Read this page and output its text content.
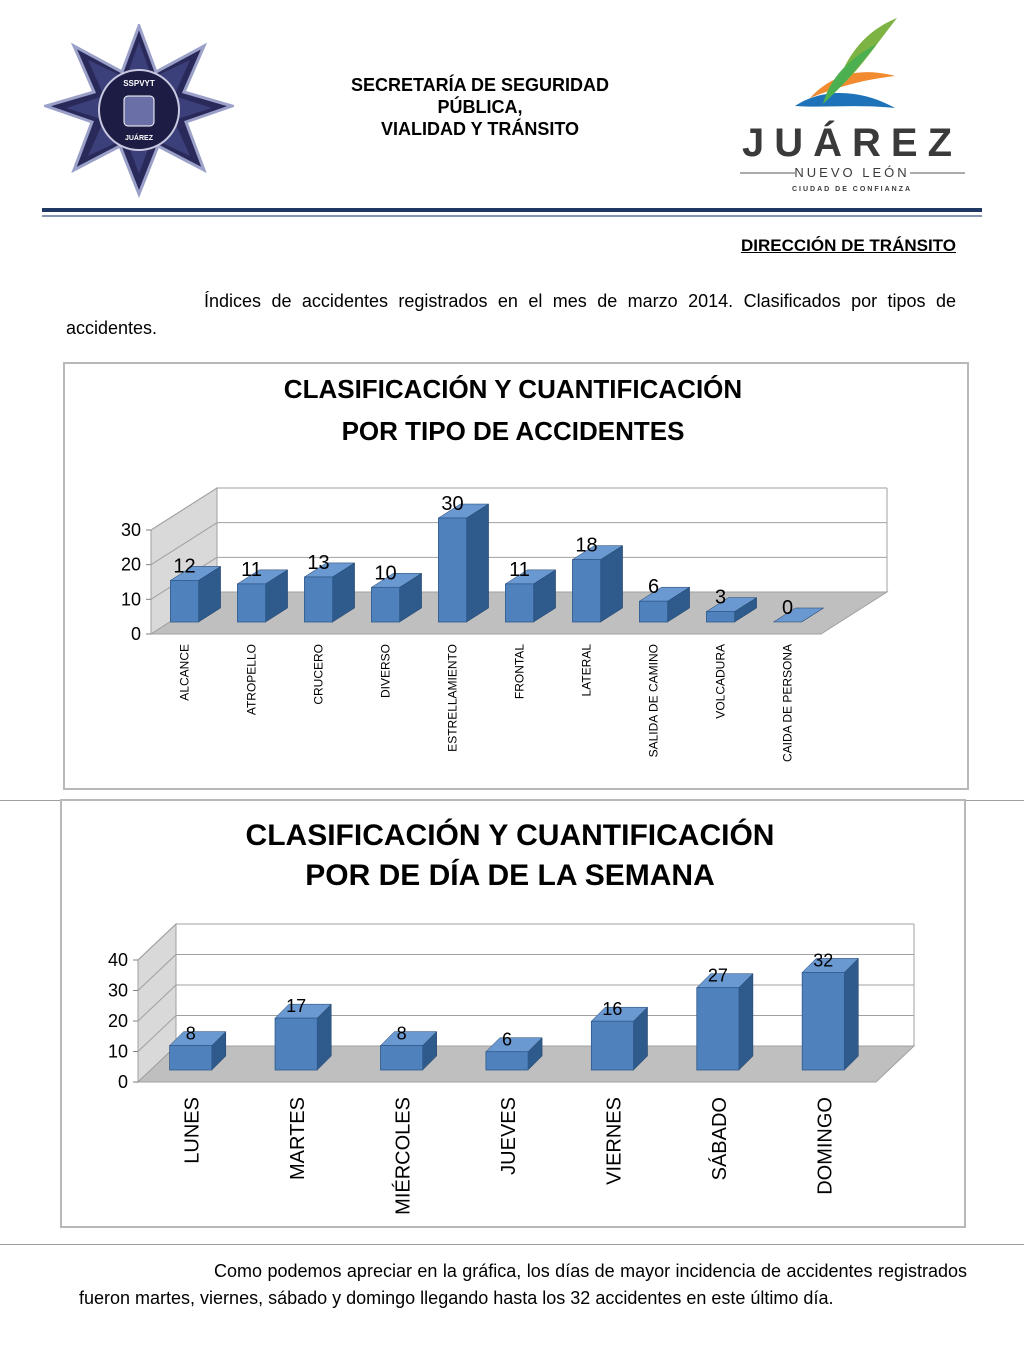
SSPVYT
JUÁREZ
SECRETARÍA DE SEGURIDAD
PÚBLICA,
VIALIDAD Y TRÁNSITO	JUÁREZ
NUEVO LEÓN
CIUDAD DE CONFIANZA
DIRECCIÓN DE TRÁNSITO
Índices de accidentes registrados en el mes de marzo 2014. Clasificados por tipos de accidentes.
CLASIFICACIÓN Y CUANTIFICACIÓN
POR TIPO DE ACCIDENTES
0
10
20
30
12
ALCANCE
11
ATROPELLO
13
CRUCERO
10
DIVERSO
30
ESTRELLAMIENTO
11
FRONTAL
18
LATERAL
6
SALIDA DE CAMINO
3
VOLCADURA
0
CAIDA DE PERSONA
CLASIFICACIÓN Y CUANTIFICACIÓN
POR DE DÍA DE LA SEMANA
0
10
20
30
40
8
LUNES
17
MARTES
8
MIÉRCOLES
6
JUEVES
16
VIERNES
27
SÁBADO
32
DOMINGO
Como podemos apreciar en la gráfica, los días de mayor incidencia de accidentes registrados fueron martes, viernes, sábado y domingo llegando hasta los 32 accidentes en este último día.
